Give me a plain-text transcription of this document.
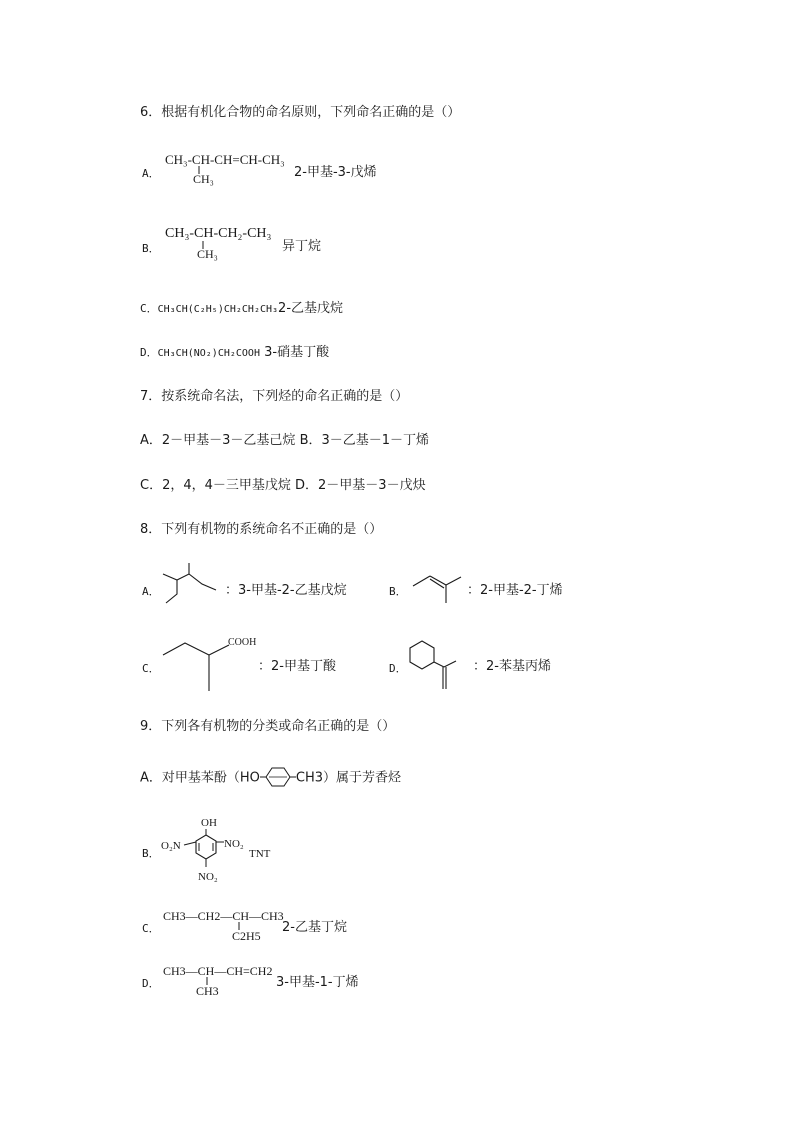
6．根据有机化合物的命名原则，下列命名正确的是（）
A．
CH₃-CH-CH=CH-CH₃
CH₃	2-甲基-3-戊烯
B．
CH₃-CH-CH₂-CH₃
CH₃	异丁烷
C．CH₃CH(C₂H₅)CH₂CH₂CH₃2-乙基戊烷
D．CH₃CH(NO₂)CH₂COOH 3-硝基丁酸
7．按系统命名法，下列烃的命名正确的是（）
A．2－甲基－3－乙基己烷 B．3－乙基－1－丁烯
C．2，4，4－三甲基戊烷 D．2－甲基－3－戊炔
8．下列有机物的系统命名不正确的是（）
A．	：3-甲基-2-乙基戊烷	B．	：2-甲基-2-丁烯
C．
COOH
：2-甲基丁酸	D．	：2-苯基丙烯
9．下列各有机物的分类或命名正确的是（）
A．对甲基苯酚（HO	CH3）属于芳香烃
B．
OH
O₂N	NO₂
TNT
NO₂
C．
CH3—CH2—CH—CH3
C2H5
2-乙基丁烷
D．
CH3—CH—CH=CH2
CH3
3-甲基-1-丁烯
